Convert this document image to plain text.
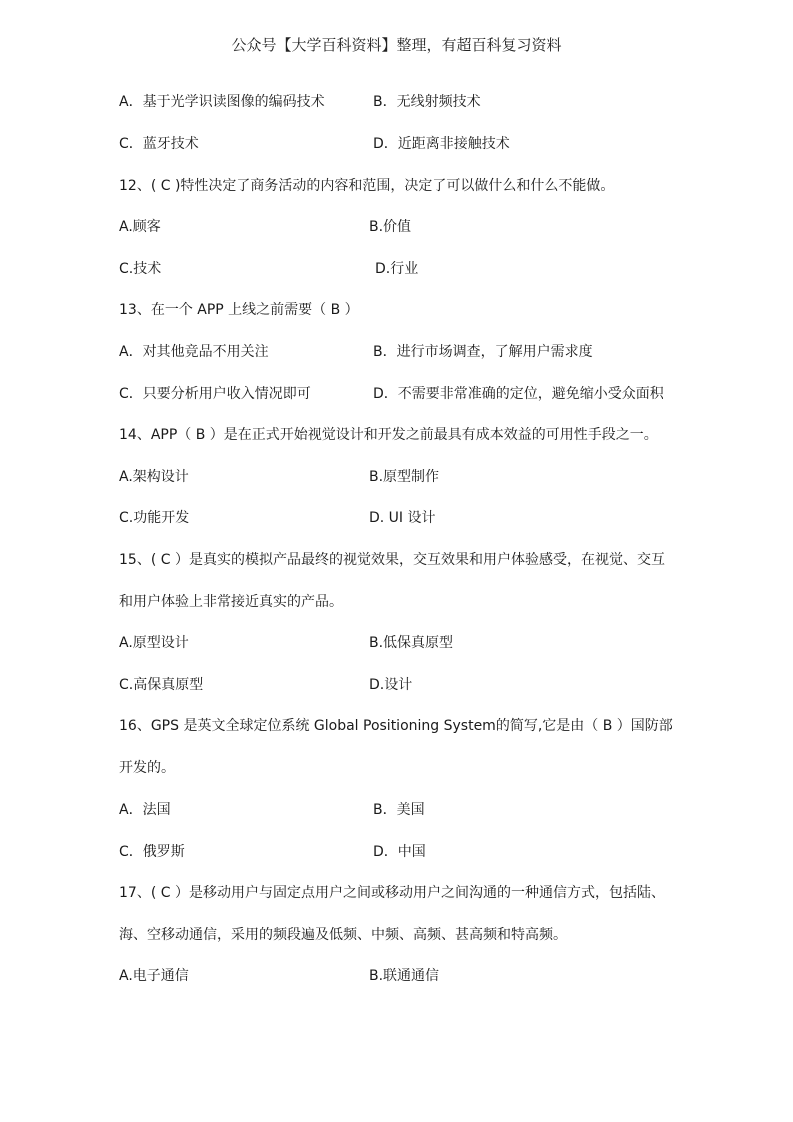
公众号【大学百科资料】整理，有超百科复习资料
A．基于光学识读图像的编码技术	B．无线射频技术
C．蓝牙技术	D．近距离非接触技术
12、( C )特性决定了商务活动的内容和范围，决定了可以做什么和什么不能做。
A.顾客	B.价值
C.技术	D.行业
13、在一个 APP 上线之前需要（ B ）
A．对其他竞品不用关注	B．进行市场调查，了解用户需求度
C．只要分析用户收入情况即可	D．不需要非常准确的定位，避免缩小受众面积
14、APP（ B ）是在正式开始视觉设计和开发之前最具有成本效益的可用性手段之一。
A.架构设计	B.原型制作
C.功能开发	D. UI 设计
15、( C ）是真实的模拟产品最终的视觉效果，交互效果和用户体验感受，在视觉、交互
和用户体验上非常接近真实的产品。
A.原型设计	B.低保真原型
C.高保真原型	D.设计
16、GPS 是英文全球定位系统 Global Positioning System的简写,它是由（ B ）国防部
开发的。
A．法国	B．美国
C．俄罗斯	D．中国
17、( C ）是移动用户与固定点用户之间或移动用户之间沟通的一种通信方式，包括陆、
海、空移动通信，采用的频段遍及低频、中频、高频、甚高频和特高频。
A.电子通信	B.联通通信
